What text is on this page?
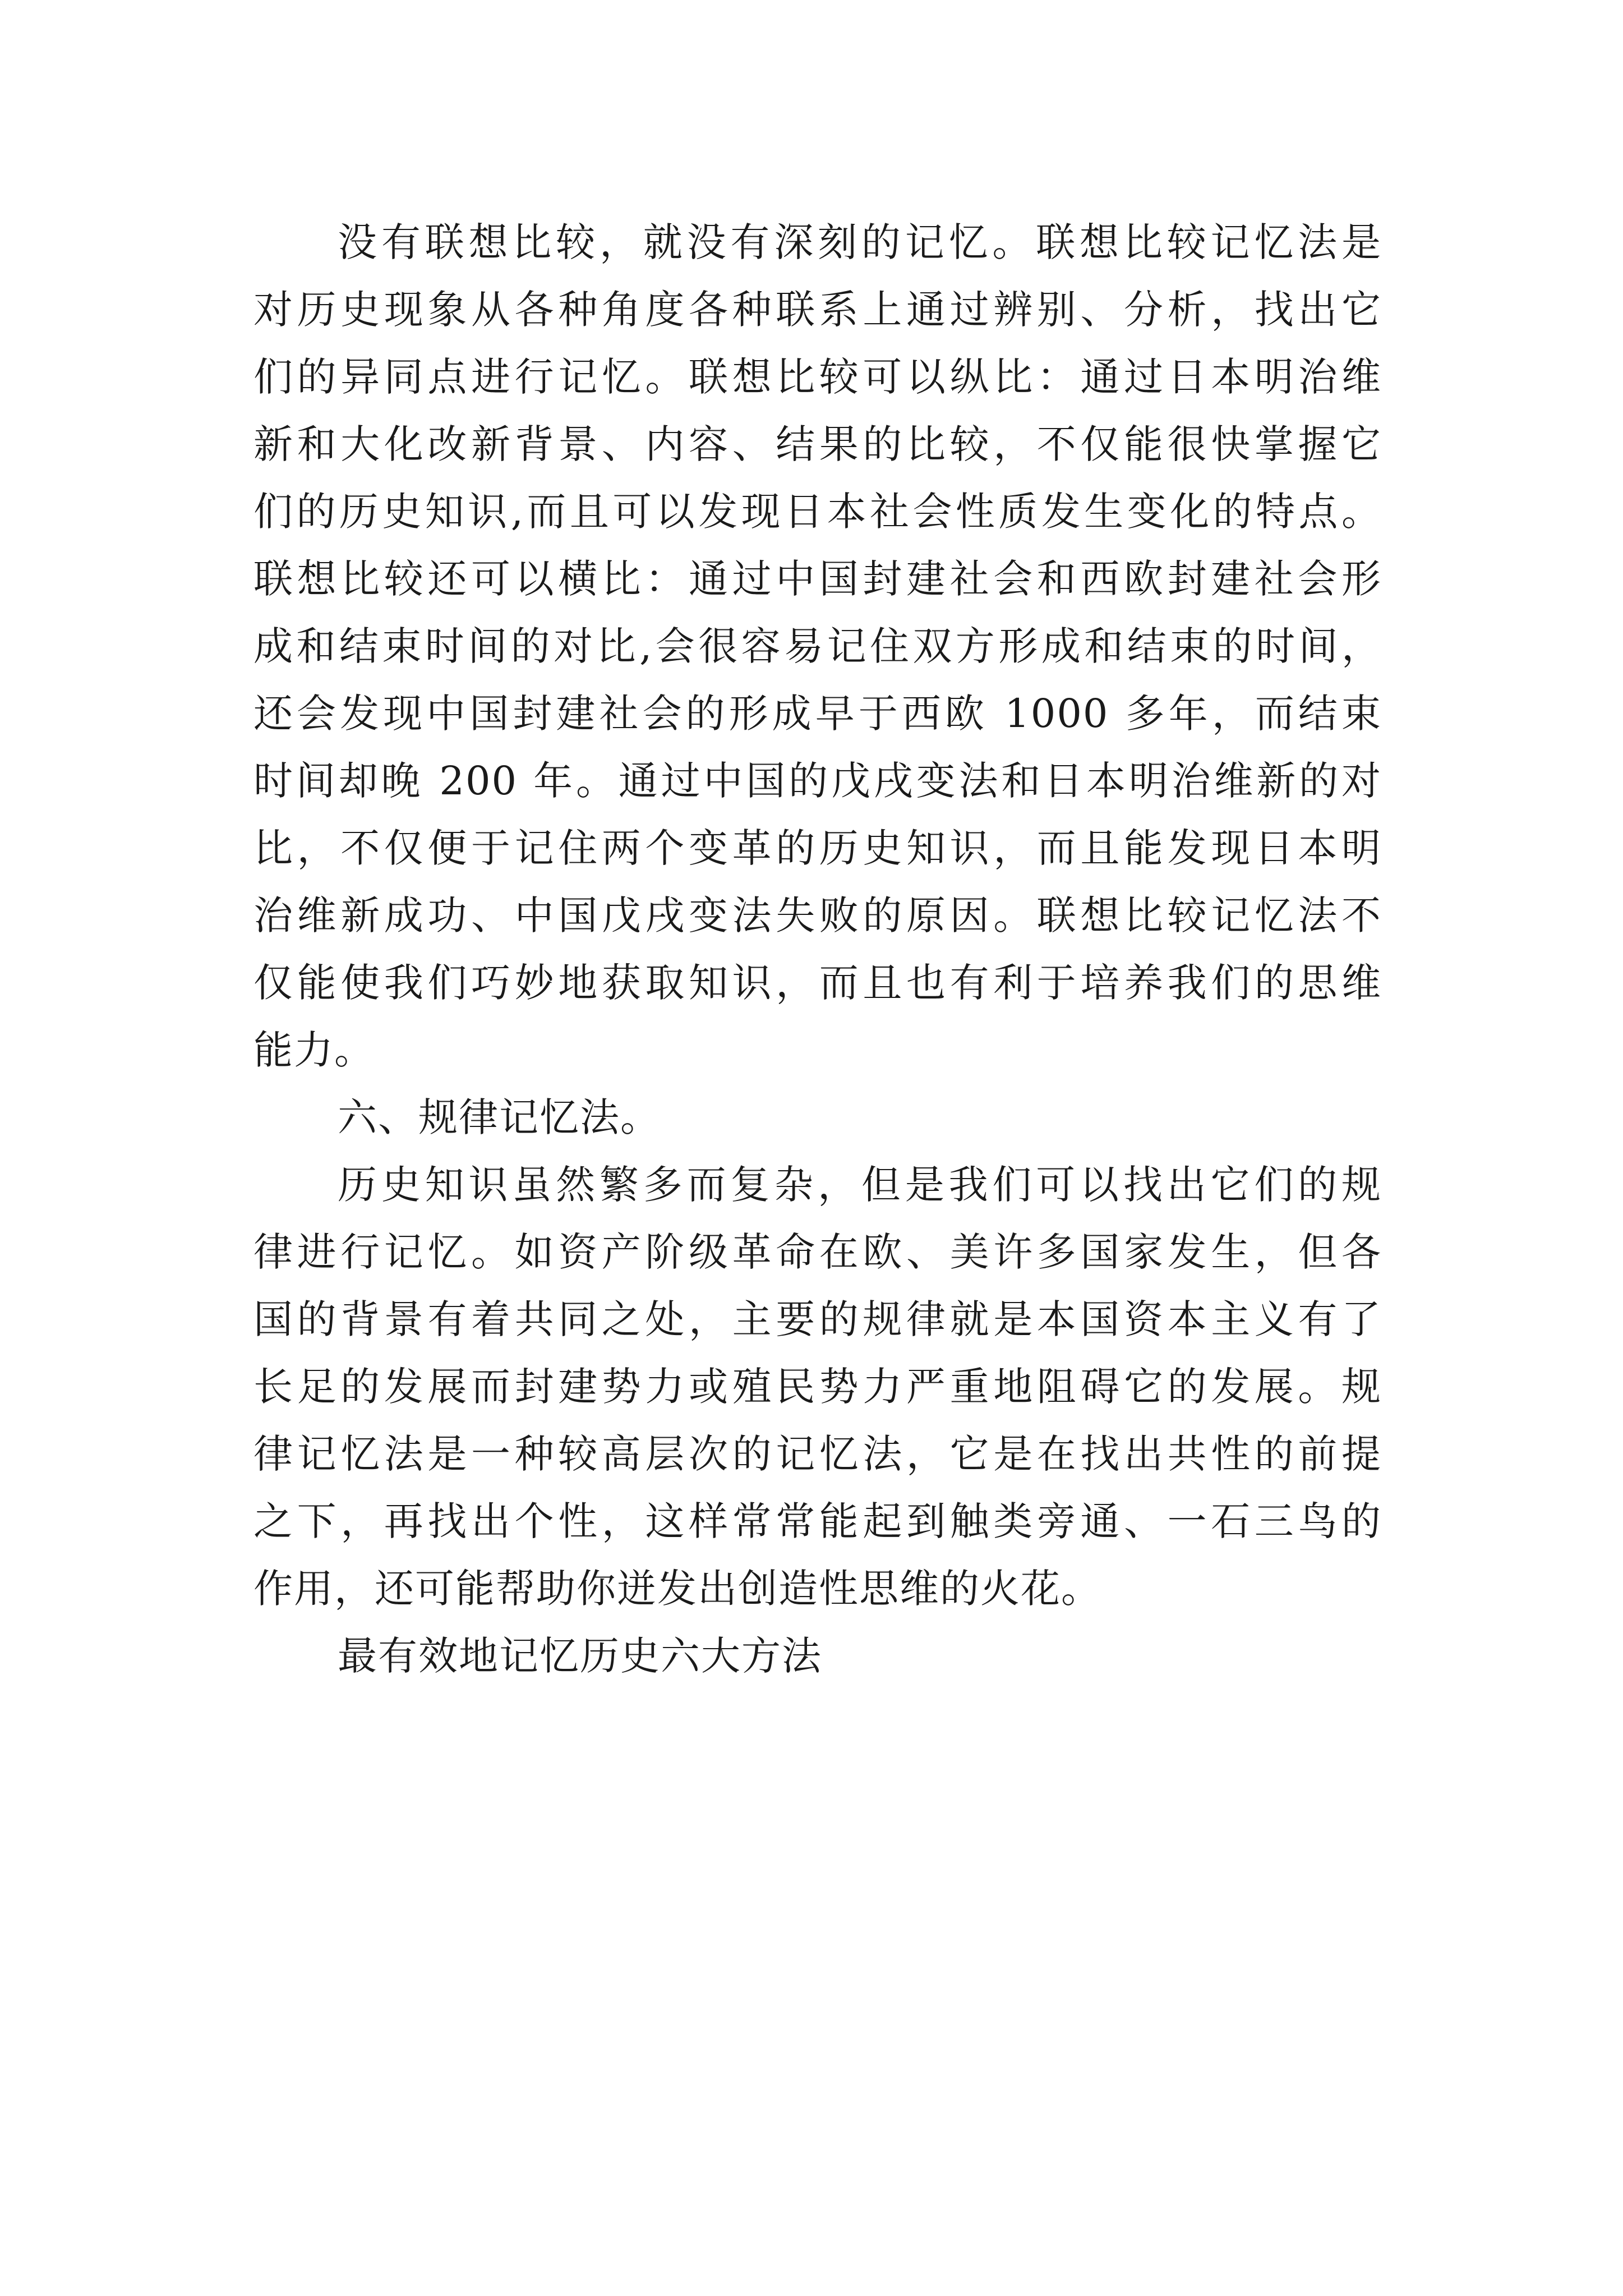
没有联想比较，就没有深刻的记忆。联想比较记忆法是
对历史现象从各种角度各种联系上通过辨别、分析，找出它
们的异同点进行记忆。联想比较可以纵比：通过日本明治维
新和大化改新背景、内容、结果的比较，不仅能很快掌握它
们的历史知识,而且可以发现日本社会性质发生变化的特点。
联想比较还可以横比：通过中国封建社会和西欧封建社会形
成和结束时间的对比,会很容易记住双方形成和结束的时间，
还会发现中国封建社会的形成早于西欧 1000 多年，而结束
时间却晚 200 年。通过中国的戊戌变法和日本明治维新的对
比，不仅便于记住两个变革的历史知识，而且能发现日本明
治维新成功、中国戊戌变法失败的原因。联想比较记忆法不
仅能使我们巧妙地获取知识，而且也有利于培养我们的思维
能力。
六、规律记忆法。
历史知识虽然繁多而复杂，但是我们可以找出它们的规
律进行记忆。如资产阶级革命在欧、美许多国家发生，但各
国的背景有着共同之处，主要的规律就是本国资本主义有了
长足的发展而封建势力或殖民势力严重地阻碍它的发展。规
律记忆法是一种较高层次的记忆法，它是在找出共性的前提
之下，再找出个性，这样常常能起到触类旁通、一石三鸟的
作用，还可能帮助你迸发出创造性思维的火花。
最有效地记忆历史六大方法
